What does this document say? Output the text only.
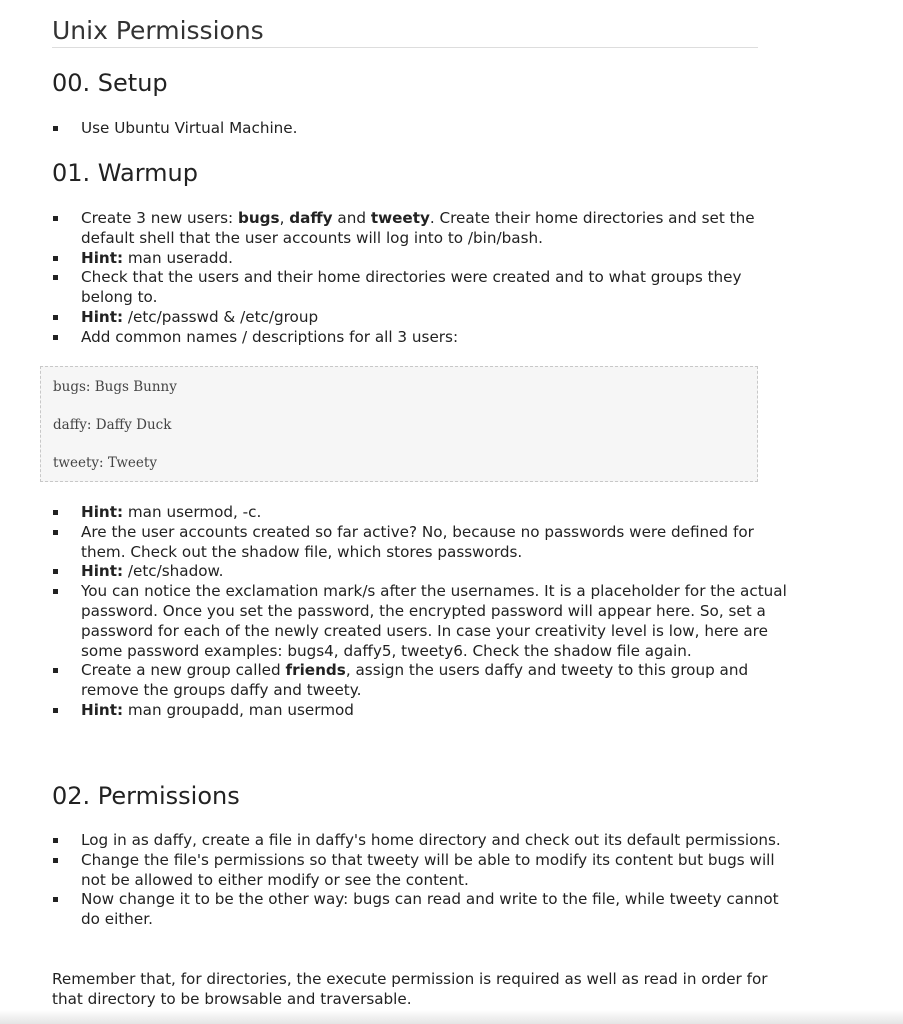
Unix Permissions
00. Setup
Use Ubuntu Virtual Machine.
01. Warmup
Create 3 new users: bugs, daffy and tweety. Create their home directories and set the default shell that the user accounts will log into to /bin/bash.
Hint: man useradd.
Check that the users and their home directories were created and to what groups they belong to.
Hint: /etc/passwd & /etc/group
Add common names / descriptions for all 3 users:
bugs: Bugs Bunny
daffy: Daffy Duck
tweety: Tweety
Hint: man usermod, -c.
Are the user accounts created so far active? No, because no passwords were defined for them. Check out the shadow file, which stores passwords.
Hint: /etc/shadow.
You can notice the exclamation mark/s after the usernames. It is a placeholder for the actual password. Once you set the password, the encrypted password will appear here. So, set a password for each of the newly created users. In case your creativity level is low, here are some password examples: bugs4, daffy5, tweety6. Check the shadow file again.
Create a new group called friends, assign the users daffy and tweety to this group and remove the groups daffy and tweety.
Hint: man groupadd, man usermod
02. Permissions
Log in as daffy, create a file in daffy's home directory and check out its default permissions.
Change the file's permissions so that tweety will be able to modify its content but bugs will not be allowed to either modify or see the content.
Now change it to be the other way: bugs can read and write to the file, while tweety cannot do either.

Remember that, for directories, the execute permission is required as well as read in order for that directory to be browsable and traversable.
